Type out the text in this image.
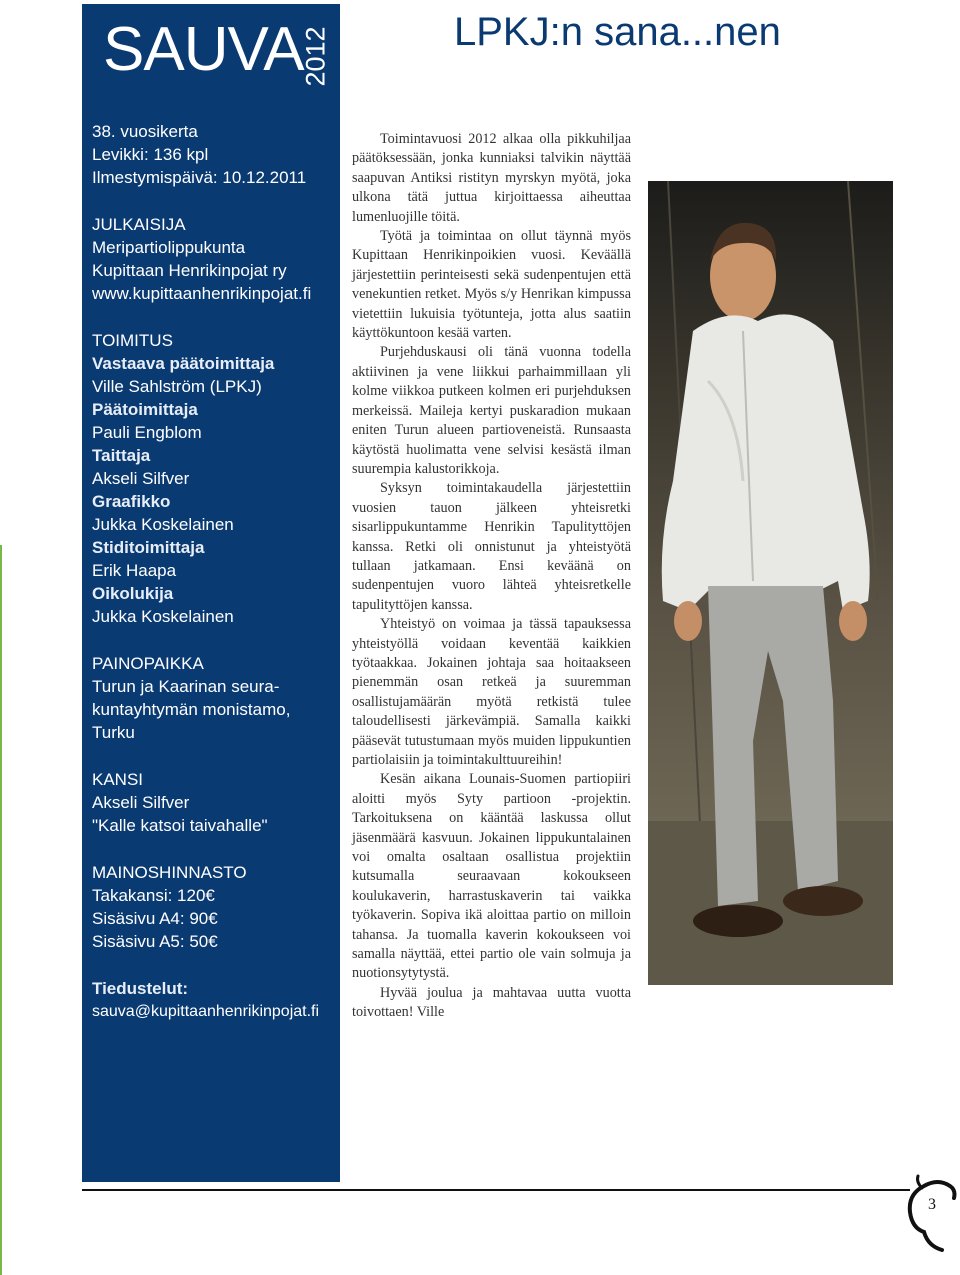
SAUVA
2012
38. vuosikerta
Levikki: 136 kpl
Ilmestymispäivä: 10.12.2011
JULKAISIJA
Meripartiolippukunta
Kupittaan Henrikinpojat ry
www.kupittaanhenrikinpojat.fi
TOIMITUS
Vastaava päätoimittaja
Ville Sahlström (LPKJ)
Päätoimittaja
Pauli Engblom
Taittaja
Akseli Silfver
Graafikko
Jukka Koskelainen
Stiditoimittaja
Erik Haapa
Oikolukija
Jukka Koskelainen
PAINOPAIKKA
Turun ja Kaarinan seura-
kuntayhtymän monistamo,
Turku
KANSI
Akseli Silfver
"Kalle katsoi taivahalle"
MAINOSHINNASTO
Takakansi: 120€
Sisäsivu A4: 90€
Sisäsivu A5: 50€
Tiedustelut:
sauva@kupittaanhenrikinpojat.fi
LPKJ:n sana...nen

Toimintavuosi 2012 alkaa olla pikkuhiljaa päätöksessään, jonka kunniaksi talvikin näyttää saapuvan Antiksi ristityn myrskyn myötä, joka ulkona tätä juttua kirjoittaessa aiheuttaa lumenluojille töitä.

Työtä ja toimintaa on ollut täynnä myös Kupittaan Henrikinpoikien vuosi. Keväällä järjestettiin perinteisesti sekä sudenpentujen että venekuntien retket. Myös s/y Henrikan kimpussa vietettiin lukuisia työtunteja, jotta alus saatiin käyttökuntoon kesää varten.

Purjehduskausi oli tänä vuonna todella aktiivinen ja vene liikkui parhaimmillaan yli kolme viikkoa putkeen kolmen eri purjehduksen merkeissä. Maileja kertyi puskaradion mukaan eniten Turun alueen partioveneistä. Runsaasta käytöstä huolimatta vene selvisi kesästä ilman suurempia kalustorikkoja.

Syksyn toimintakaudella järjestettiin vuosien tauon jälkeen yhteisretki sisarlippukuntamme Henrikin Tapulityttöjen kanssa. Retki oli onnistunut ja yhteistyötä tullaan jatkamaan. Ensi keväänä on sudenpentujen vuoro lähteä yhteisretkelle tapulityttöjen kanssa.

Yhteistyö on voimaa ja tässä tapauksessa yhteistyöllä voidaan keventää kaikkien työtaakkaa. Jokainen johtaja saa hoitaakseen pienemmän osan retkeä ja suuremman osallistujamäärän myötä retkistä tulee taloudellisesti järkevämpiä. Samalla kaikki pääsevät tutustumaan myös muiden lippukuntien partiolaisiin ja toimintakulttuureihin!

Kesän aikana Lounais-Suomen partiopiiri aloitti myös Syty partioon -projektin. Tarkoituksena on kääntää laskussa ollut jäsenmäärä kasvuun. Jokainen lippukuntalainen voi omalta osaltaan osallistua projektiin kutsumalla seuraavaan kokoukseen koulukaverin, harrastuskaverin tai vaikka työkaverin. Sopiva ikä aloittaa partio on milloin tahansa. Ja tuomalla kaverin kokoukseen voi samalla näyttää, ettei partio ole vain solmuja ja nuotionsytytystä.

Hyvää joulua ja mahtavaa uutta vuotta toivottaen! Ville

3
